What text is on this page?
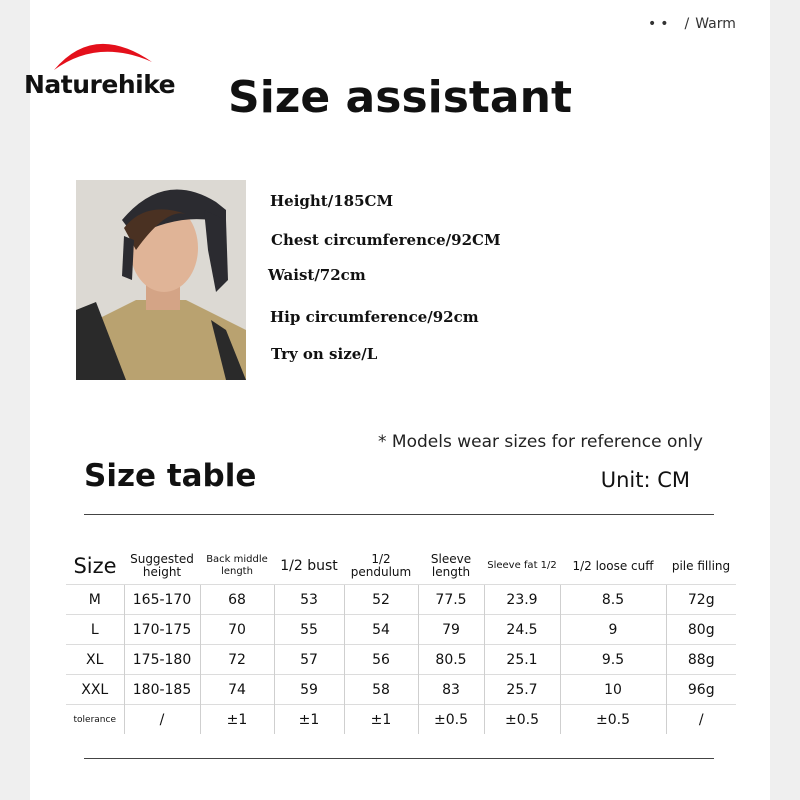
•• / Warm
Naturehike	Size assistant
Height/185CM
Chest circumference/92CM
Waist/72cm
Hip circumference/92cm
Try on size/L
* Models wear sizes for reference only
Size table	Unit: CM
Size	Suggested height	Back middle length	1/2 bust	1/2 pendulum	Sleeve length	Sleeve fat 1/2	1/2 loose cuff	pile filling
M	165-170	68	53	52	77.5	23.9	8.5	72g
L	170-175	70	55	54	79	24.5	9	80g
XL	175-180	72	57	56	80.5	25.1	9.5	88g
XXL	180-185	74	59	58	83	25.7	10	96g
tolerance	/	±1	±1	±1	±0.5	±0.5	±0.5	/
